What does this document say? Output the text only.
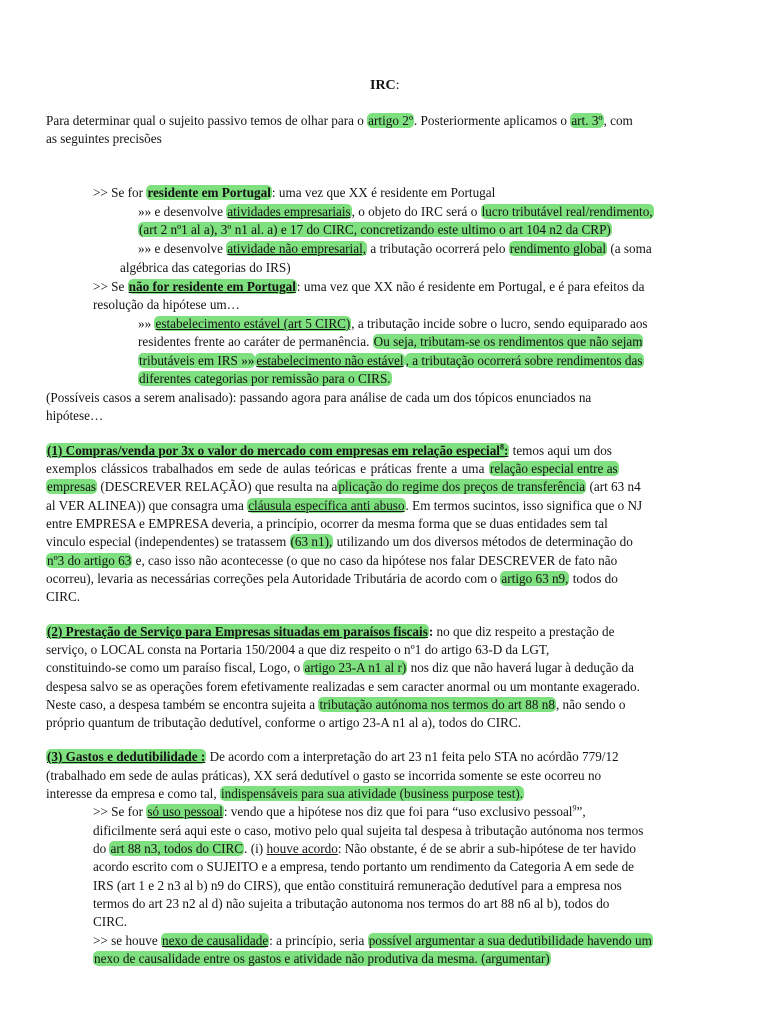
IRC:
Para determinar qual o sujeito passivo temos de olhar para o artigo 2º. Posteriormente aplicamos o art. 3º, com
as seguintes precisões
>> Se for residente em Portugal: uma vez que XX é residente em Portugal
»» e desenvolve atividades empresariais, o objeto do IRC será o lucro tributável real/rendimento,
(art 2 nº1 al a), 3º n1 al. a) e 17 do CIRC, concretizando este ultimo o art 104 n2 da CRP)
»» e desenvolve atividade não empresarial, a tributação ocorrerá pelo rendimento global (a soma
algébrica das categorias do IRS)
>> Se não for residente em Portugal: uma vez que XX não é residente em Portugal, e é para efeitos da
resolução da hipótese um…
»» estabelecimento estável (art 5 CIRC), a tributação incide sobre o lucro, sendo equiparado aos
residentes frente ao caráter de permanência. Ou seja, tributam-se os rendimentos que não sejam
tributáveis em IRS »» estabelecimento não estável , a tributação ocorrerá sobre rendimentos das
diferentes categorias por remissão para o CIRS.
(Possíveis casos a serem analisado): passando agora para análise de cada um dos tópicos enunciados na
hipótese…
(1) Compras/venda por 3x o valor do mercado com empresas em relação especial$^8$: temos aqui um dos
exemplos clássicos trabalhados em sede de aulas teóricas e práticas frente a uma relação especial entre as
empresas (DESCREVER RELAÇÃO) que resulta na aplicação do regime dos preços de transferência (art 63 n4
al VER ALINEA)) que consagra uma cláusula específica anti abuso. Em termos sucintos, isso significa que o NJ
entre EMPRESA e EMPRESA deveria, a princípio, ocorrer da mesma forma que se duas entidades sem tal
vinculo especial (independentes) se tratassem (63 n1), utilizando um dos diversos métodos de determinação do
nº3 do artigo 63 e, caso isso não acontecesse (o que no caso da hipótese nos falar DESCREVER de fato não
ocorreu), levaria as necessárias correções pela Autoridade Tributária de acordo com o artigo 63 n9, todos do
CIRC.
(2) Prestação de Serviço para Empresas situadas em paraísos fiscais: no que diz respeito a prestação de
serviço, o LOCAL consta na Portaria 150/2004 a que diz respeito o nº1 do artigo 63-D da LGT,
constituindo-se como um paraíso fiscal, Logo, o artigo 23-A n1 al r) nos diz que não haverá lugar à dedução da
despesa salvo se as operações forem efetivamente realizadas e sem caracter anormal ou um montante exagerado.
Neste caso, a despesa também se encontra sujeita a tributação autónoma nos termos do art 88 n8, não sendo o
próprio quantum de tributação dedutível, conforme o artigo 23-A n1 al a), todos do CIRC.
(3) Gastos e dedutibilidade : De acordo com a interpretação do art 23 n1 feita pelo STA no acórdão 779/12
(trabalhado em sede de aulas práticas), XX será dedutível o gasto se incorrida somente se este ocorreu no
interesse da empresa e como tal, indispensáveis para sua atividade (business purpose test).
>> Se for só uso pessoal: vendo que a hipótese nos diz que foi para “uso exclusivo pessoal$^9$”,
dificilmente será aqui este o caso, motivo pelo qual sujeita tal despesa à tributação autónoma nos termos
do art 88 n3, todos do CIRC. (i) houve acordo: Não obstante, é de se abrir a sub-hipótese de ter havido
acordo escrito com o SUJEITO e a empresa, tendo portanto um rendimento da Categoria A em sede de
IRS (art 1 e 2 n3 al b) n9 do CIRS), que então constituirá remuneração dedutível para a empresa nos
termos do art 23 n2 al d) não sujeita a tributação autonoma nos termos do art 88 n6 al b), todos do
CIRC.
>> se houve nexo de causalidade: a princípio, seria possível argumentar a sua dedutibilidade havendo um
nexo de causalidade entre os gastos e atividade não produtiva da mesma. (argumentar)
